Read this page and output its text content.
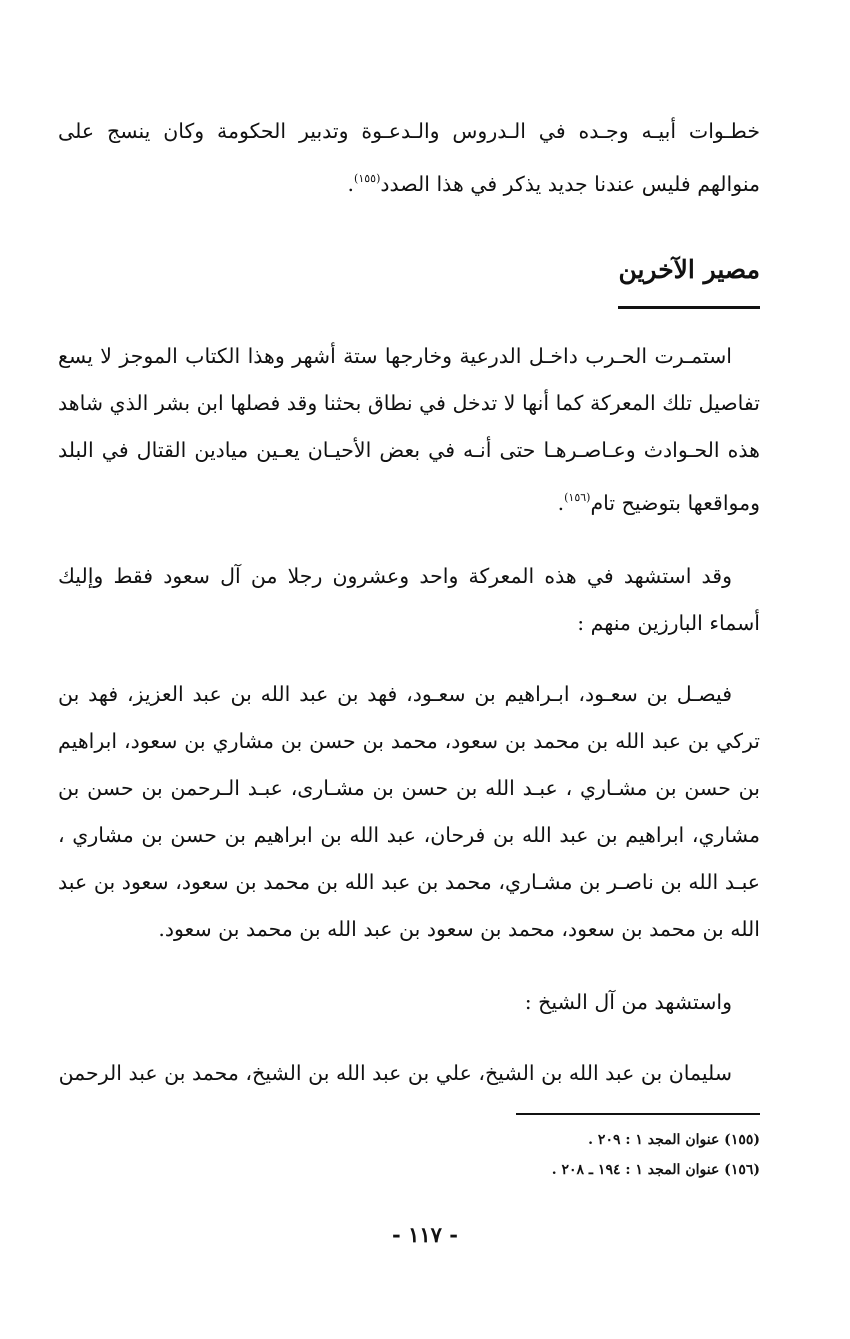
خطـوات أبيـه وجـده في الـدروس والـدعـوة وتدبير الحكومة وكان ينسج على منوالهم فليس عندنا جديد يذكر في هذا الصدد$^{(١٥٥)}$.

مصير الآخرين

استمـرت الحـرب داخـل الدرعية وخارجها ستة أشهر وهذا الكتاب الموجز لا يسع تفاصيل تلك المعركة كما أنها لا تدخل في نطاق بحثنا وقد فصلها ابن بشر الذي شاهد هذه الحـوادث وعـاصـرهـا حتى أنـه في بعض الأحيـان يعـين ميادين القتال في البلد ومواقعها بتوضيح تام$^{(١٥٦)}$.

وقد استشهد في هذه المعركة واحد وعشرون رجلا من آل سعود فقط وإليك أسماء البارزين منهم :

فيصـل بن سعـود، ابـراهيم بن سعـود، فهد بن عبد الله بن عبد العزيز، فهد بن تركي بن عبد الله بن محمد بن سعود، محمد بن حسن بن مشاري بن سعود، ابراهيم بن حسن بن مشـاري ، عبـد الله بن حسن بن مشـارى، عبـد الـرحمن بن حسن بن مشاري، ابراهيم بن عبد الله بن فرحان، عبد الله بن ابراهيم بن حسن بن مشاري ، عبـد الله بن ناصـر بن مشـاري، محمد بن عبد الله بن محمد بن سعود، سعود بن عبد الله بن محمد بن سعود، محمد بن سعود بن عبد الله بن محمد بن سعود.

واستشهد من آل الشيخ :

سليمان بن عبد الله بن الشيخ، علي بن عبد الله بن الشيخ، محمد بن عبد الرحمن

(١٥٥) عنوان المجد ١ : ٢٠٩ .

(١٥٦) عنوان المجد ١ : ١٩٤ ـ ٢٠٨ .

- ١١٧ -
